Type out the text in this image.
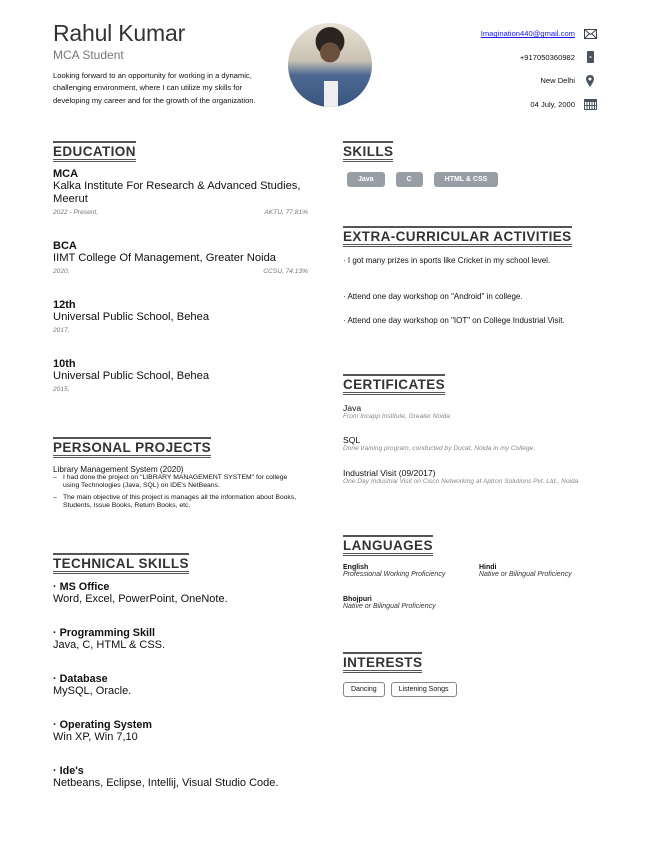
Rahul Kumar
MCA Student
Looking forward to an opportunity for working in a dynamic, challenging environment, where I can utilize my skills for developing my career and for the growth of the organization.
Imagination440@gmail.com
+917050360982
New Delhi
04 July, 2000
EDUCATION
MCA
Kalka Institute For Research & Advanced Studies, Meerut
2022 - Present,	AKTU, 77.81%
BCA
IIMT College Of Management, Greater Noida
2020,	CCSU, 74.13%
12th
Universal Public School, Behea
2017,
10th
Universal Public School, Behea
2015,
PERSONAL PROJECTS
Library Management System (2020)
– I had done the project on "LIBRARY MANAGEMENT SYSTEM" for college using Technologies (Java, SQL) on IDE's NetBeans.
– The main objective of this project is manages all the information about Books, Students, Issue Books, Return Books, etc.
TECHNICAL SKILLS
· MS Office
Word, Excel, PowerPoint, OneNote.
· Programming Skill
Java, C, HTML & CSS.
· Database
MySQL, Oracle.
· Operating System
Win XP, Win 7,10
· Ide's
Netbeans, Eclipse, Intellij, Visual Studio Code.
SKILLS
Java	C	HTML & CSS
EXTRA-CURRICULAR ACTIVITIES
· I got many prizes in sports like Cricket in my school level.
· Attend one day workshop on "Android" in college.
· Attend one day workshop on "IOT" on College Industrial Visit.
CERTIFICATES
Java
From Incapp Institute, Greater Noida
SQL
Done training program, conducted by Ducat, Noida in my College.
Industrial Visit (09/2017)
One Day Industrial Visit on Cisco Networking at Aptron Solutions Pvt. Ltd., Noida
LANGUAGES
English
Professional Working Proficiency
Hindi
Native or Bilingual Proficiency
Bhojpuri
Native or Bilingual Proficiency
INTERESTS
Dancing	Listening Songs
